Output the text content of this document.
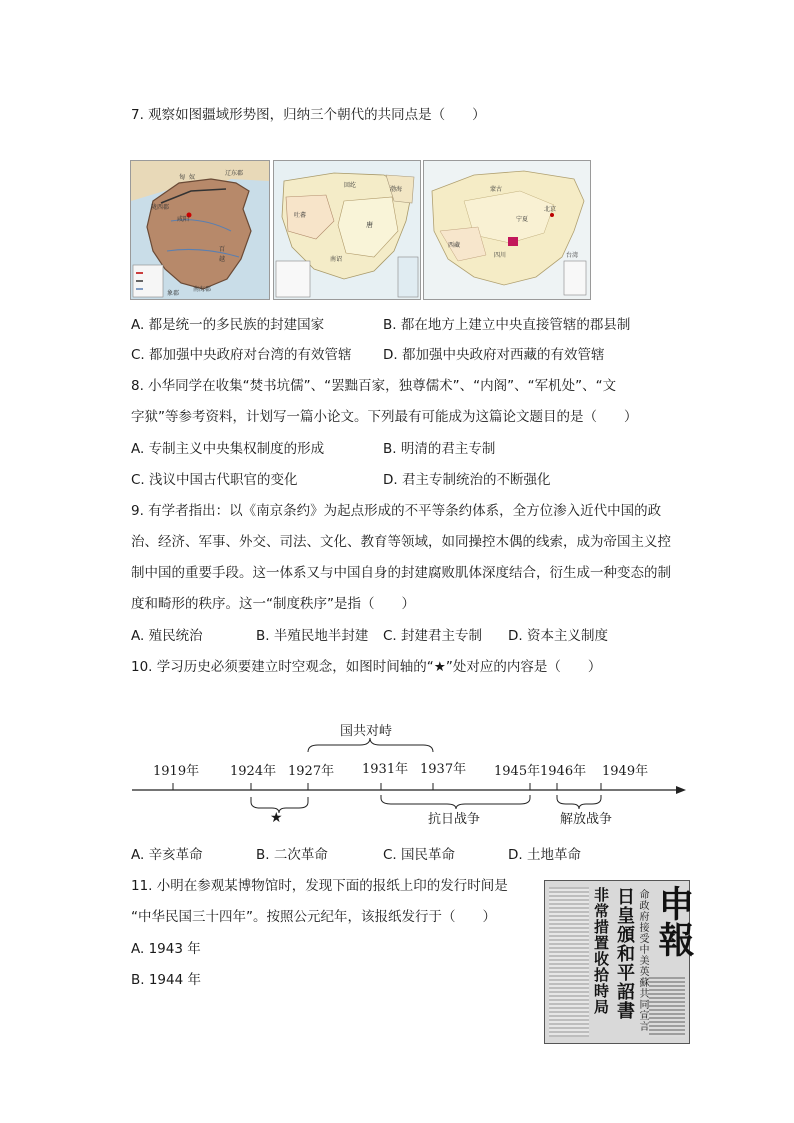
7. 观察如图疆域形势图，归纳三个朝代的共同点是（　　）
匈 奴
辽东郡
陇西郡
咸阳
南海郡
百
越
象郡
吐蕃
回纥
渤海
南诏
唐
蒙古
宁夏
西藏
四川
北京
台湾
A. 都是统一的多民族的封建国家	B. 都在地方上建立中央直接管辖的郡县制
C. 都加强中央政府对台湾的有效管辖 D. 都加强中央政府对西藏的有效管辖
8. 小华同学在收集“焚书坑儒”、“罢黜百家，独尊儒术”、“内阁”、“军机处”、“文
字狱”等参考资料，计划写一篇小论文。下列最有可能成为这篇论文题目的是（　　）
A. 专制主义中央集权制度的形成	B. 明清的君主专制
C. 浅议中国古代职官的变化	D. 君主专制统治的不断强化
9. 有学者指出：以《南京条约》为起点形成的不平等条约体系，全方位渗入近代中国的政
治、经济、军事、外交、司法、文化、教育等领域，如同操控木偶的线索，成为帝国主义控
制中国的重要手段。这一体系又与中国自身的封建腐败肌体深度结合，衍生成一种变态的制
度和畸形的秩序。这一“制度秩序”是指（　　）
A. 殖民统治	B. 半殖民地半封建 C. 封建君主专制 D. 资本主义制度
10. 学习历史必须要建立时空观念，如图时间轴的“★”处对应的内容是（　　）
1919年 1924年 1927年 1931年 1937年 1945年 1946年 1949年
国共对峙
★	抗日战争	解放战争
A. 辛亥革命	B. 二次革命	C. 国民革命	D. 土地革命
11. 小明在参观某博物馆时，发现下面的报纸上印的发行时间是
“中华民国三十四年”。按照公元纪年，该报纸发行于（　　）
A. 1943 年
B. 1944 年	非常措置收拾時局 日皇頒和平詔書 命政府接受中美英蘇共同宣言 申報
